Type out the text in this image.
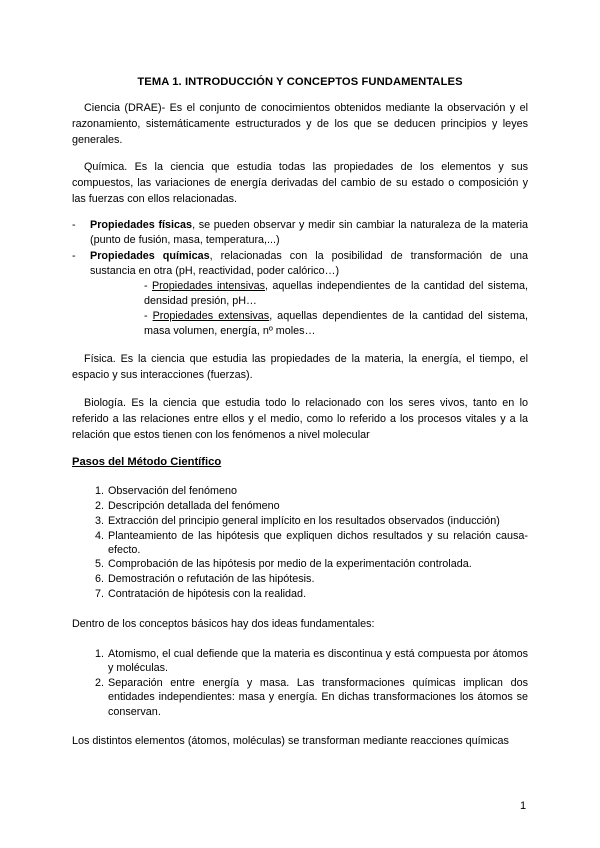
TEMA 1. INTRODUCCIÓN Y CONCEPTOS FUNDAMENTALES

Ciencia (DRAE)- Es el conjunto de conocimientos obtenidos mediante la observación y el razonamiento, sistemáticamente estructurados y de los que se deducen principios y leyes generales.

Química. Es la ciencia que estudia todas las propiedades de los elementos y sus compuestos, las variaciones de energía derivadas del cambio de su estado o composición y las fuerzas con ellos relacionadas.

- Propiedades físicas, se pueden observar y medir sin cambiar la naturaleza de la materia (punto de fusión, masa, temperatura,...)
- Propiedades químicas, relacionadas con la posibilidad de transformación de una sustancia en otra (pH, reactividad, poder calórico…)
- Propiedades intensivas, aquellas independientes de la cantidad del sistema, densidad presión, pH…
- Propiedades extensivas, aquellas dependientes de la cantidad del sistema, masa volumen, energía, nº moles…

Física. Es la ciencia que estudia las propiedades de la materia, la energía, el tiempo, el espacio y sus interacciones (fuerzas).

Biología. Es la ciencia que estudia todo lo relacionado con los seres vivos, tanto en lo referido a las relaciones entre ellos y el medio, como lo referido a los procesos vitales y a la relación que estos tienen con los fenómenos a nivel molecular

Pasos del Método Científico
1. Observación del fenómeno
2. Descripción detallada del fenómeno
3. Extracción del principio general implícito en los resultados observados (inducción)
4. Planteamiento de las hipótesis que expliquen dichos resultados y su relación causa-efecto.
5. Comprobación de las hipótesis por medio de la experimentación controlada.
6. Demostración o refutación de las hipótesis.
7. Contratación de hipótesis con la realidad.

Dentro de los conceptos básicos hay dos ideas fundamentales:

1. Atomismo, el cual defiende que la materia es discontinua y está compuesta por átomos y moléculas.
2. Separación entre energía y masa. Las transformaciones químicas implican dos entidades independientes: masa y energía. En dichas transformaciones los átomos se conservan.

Los distintos elementos (átomos, moléculas) se transforman mediante reacciones químicas

1
